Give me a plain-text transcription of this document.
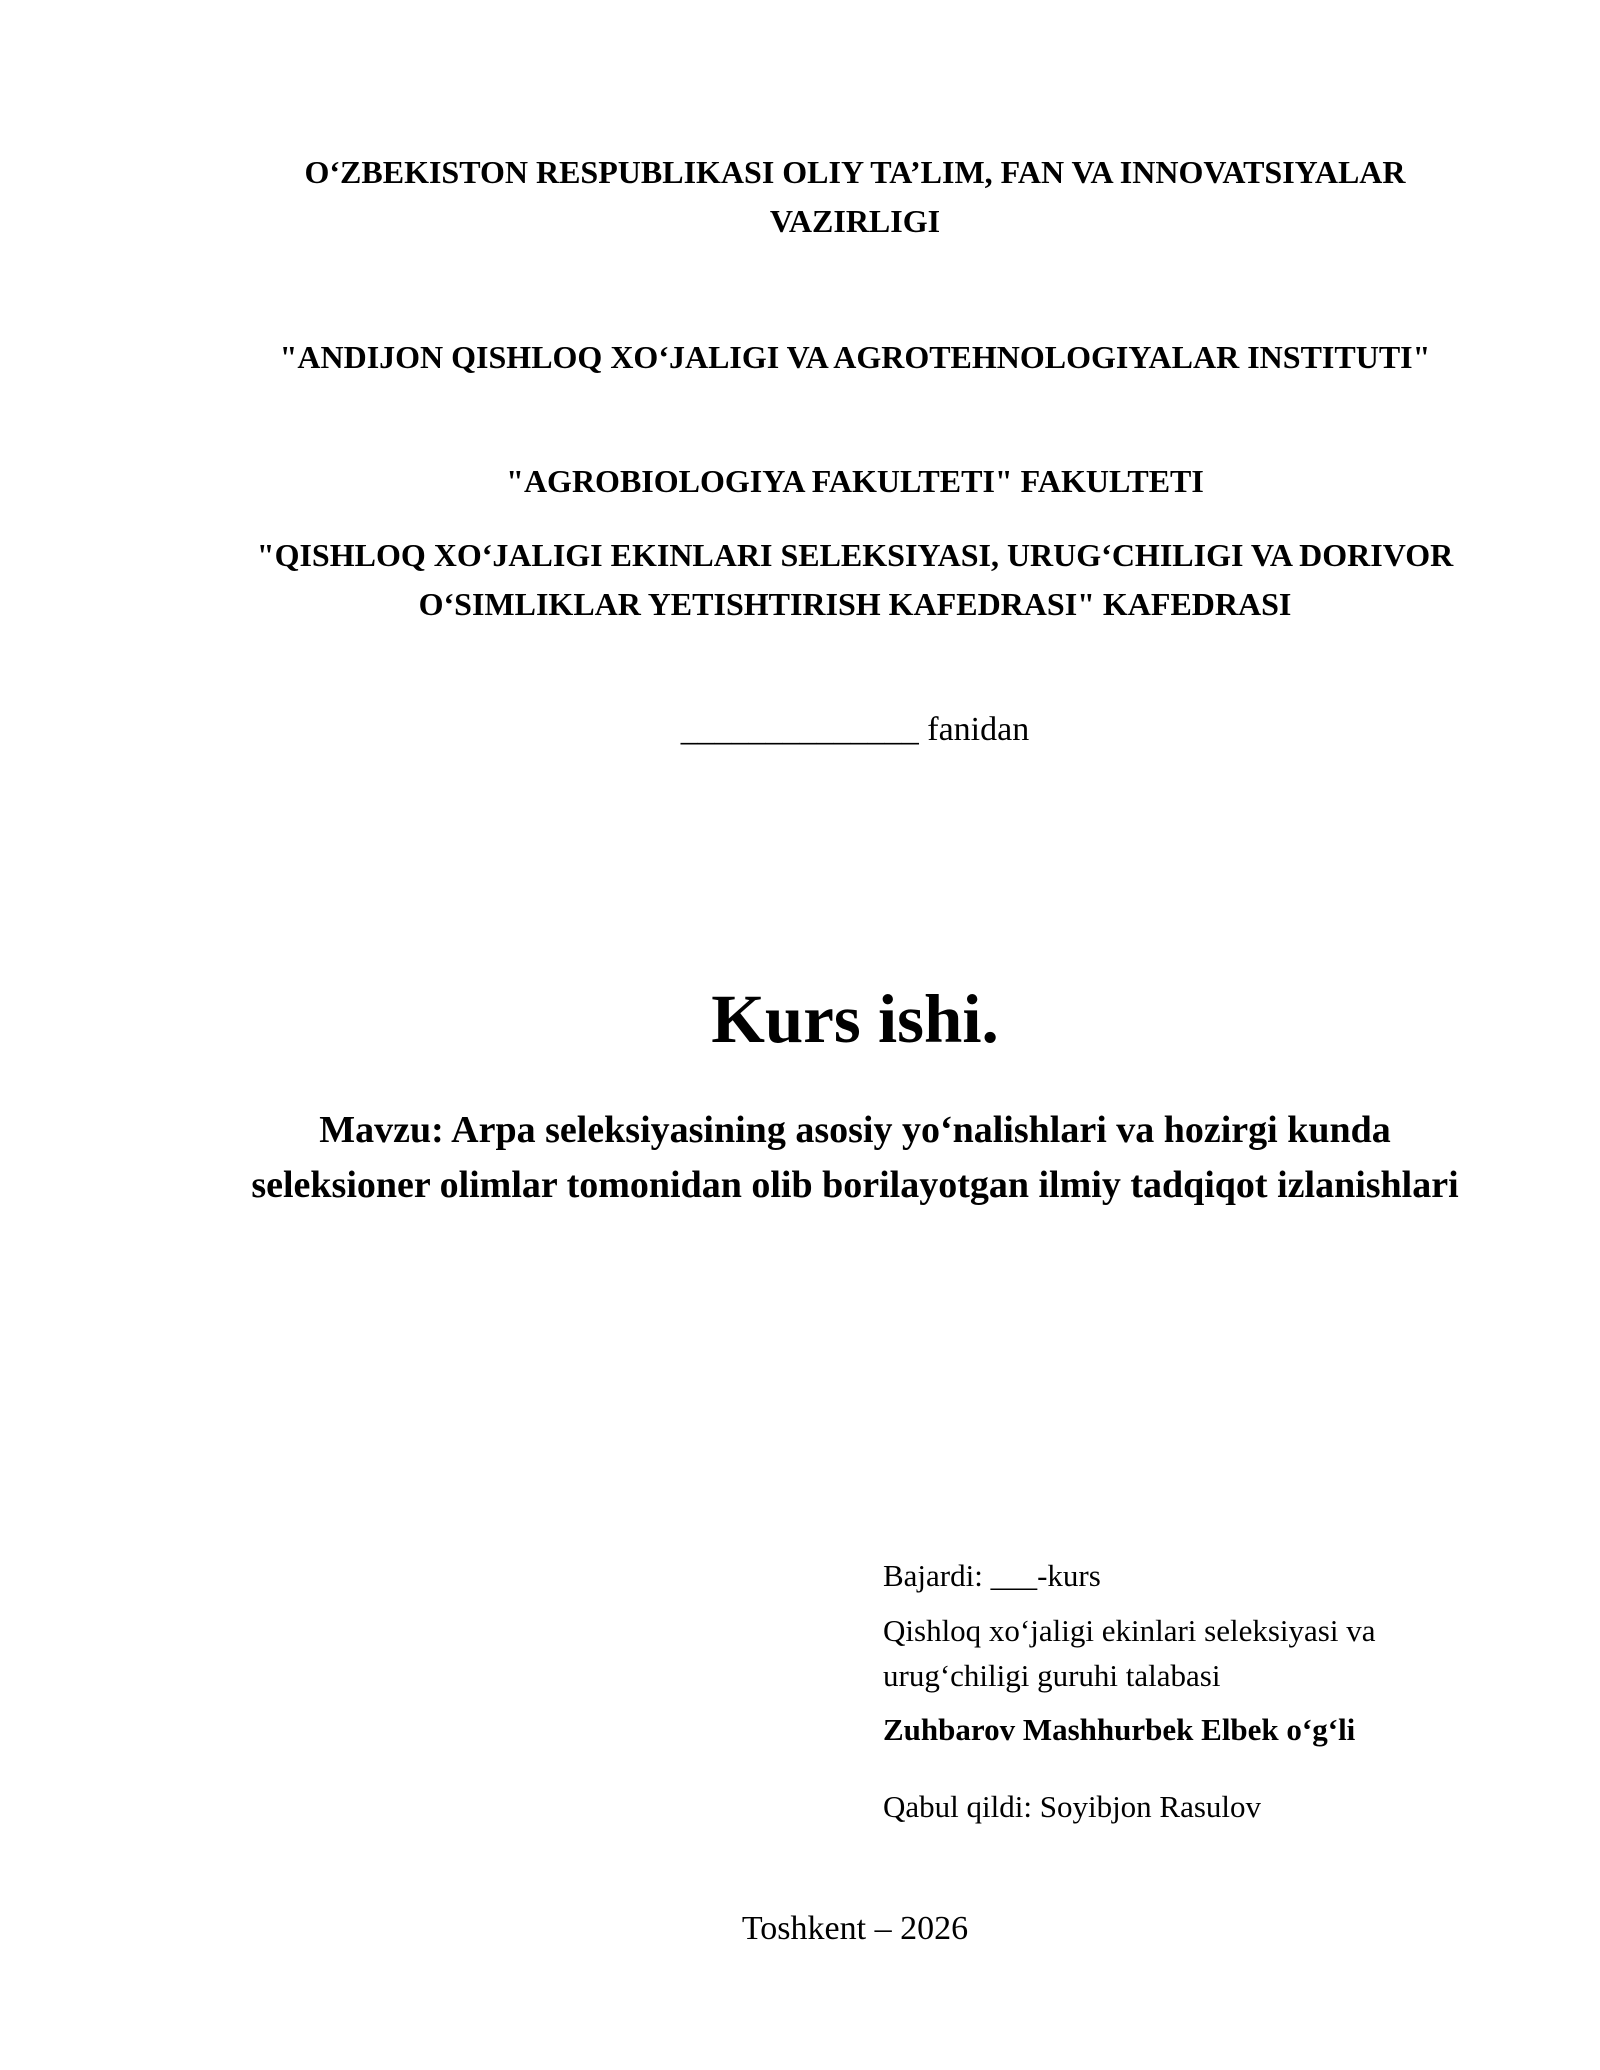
O‘ZBEKISTON RESPUBLIKASI OLIY TA’LIM, FAN VA INNOVATSIYALAR VAZIRLIGI
"ANDIJON QISHLOQ XO‘JALIGI VA AGROTEHNOLOGIYALAR INSTITUTI"
"AGROBIOLOGIYA FAKULTETI" FAKULTETI
"QISHLOQ XO‘JALIGI EKINLARI SELEKSIYASI, URUG‘CHILIGI VA DORIVOR O‘SIMLIKLAR YETISHTIRISH KAFEDRASI" KAFEDRASI
______________ fanidan
Kurs ishi.
Mavzu: Arpa seleksiyasining asosiy yo‘nalishlari va hozirgi kunda seleksioner olimlar tomonidan olib borilayotgan ilmiy tadqiqot izlanishlari
Bajardi: ___-kurs
Qishloq xo‘jaligi ekinlari seleksiyasi va urug‘chiligi guruhi talabasi
Zuhbarov Mashhurbek Elbek o‘g‘li
Qabul qildi: Soyibjon Rasulov
Toshkent – 2026
